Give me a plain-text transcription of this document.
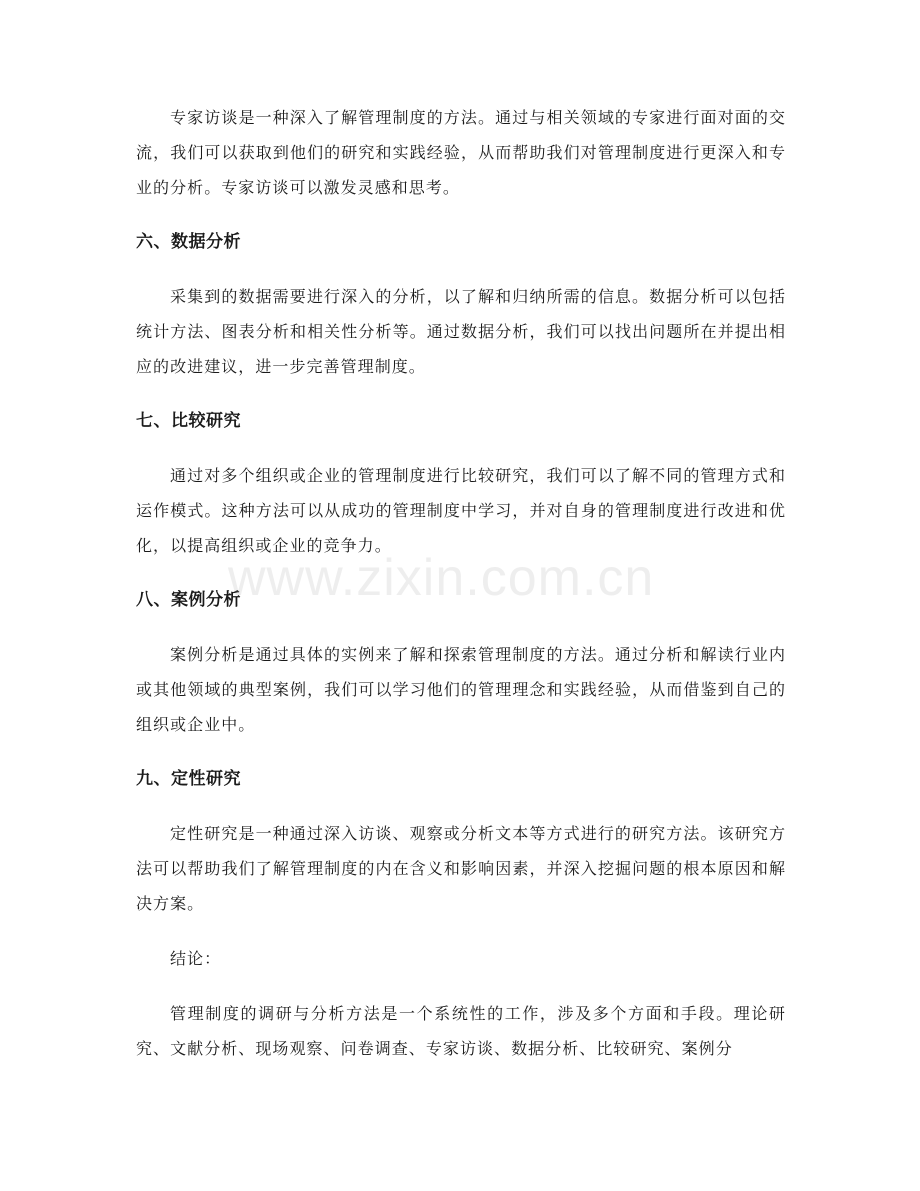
专家访谈是一种深入了解管理制度的方法。通过与相关领域的专家进行面对面的交流，我们可以获取到他们的研究和实践经验，从而帮助我们对管理制度进行更深入和专业的分析。专家访谈可以激发灵感和思考。

六、数据分析

采集到的数据需要进行深入的分析，以了解和归纳所需的信息。数据分析可以包括统计方法、图表分析和相关性分析等。通过数据分析，我们可以找出问题所在并提出相应的改进建议，进一步完善管理制度。

七、比较研究

通过对多个组织或企业的管理制度进行比较研究，我们可以了解不同的管理方式和运作模式。这种方法可以从成功的管理制度中学习，并对自身的管理制度进行改进和优化，以提高组织或企业的竞争力。

八、案例分析

案例分析是通过具体的实例来了解和探索管理制度的方法。通过分析和解读行业内或其他领域的典型案例，我们可以学习他们的管理理念和实践经验，从而借鉴到自己的组织或企业中。

九、定性研究

定性研究是一种通过深入访谈、观察或分析文本等方式进行的研究方法。该研究方法可以帮助我们了解管理制度的内在含义和影响因素，并深入挖掘问题的根本原因和解决方案。

结论：

管理制度的调研与分析方法是一个系统性的工作，涉及多个方面和手段。理论研究、文献分析、现场观察、问卷调查、专家访谈、数据分析、比较研究、案例分

www.zixin.com.cn
